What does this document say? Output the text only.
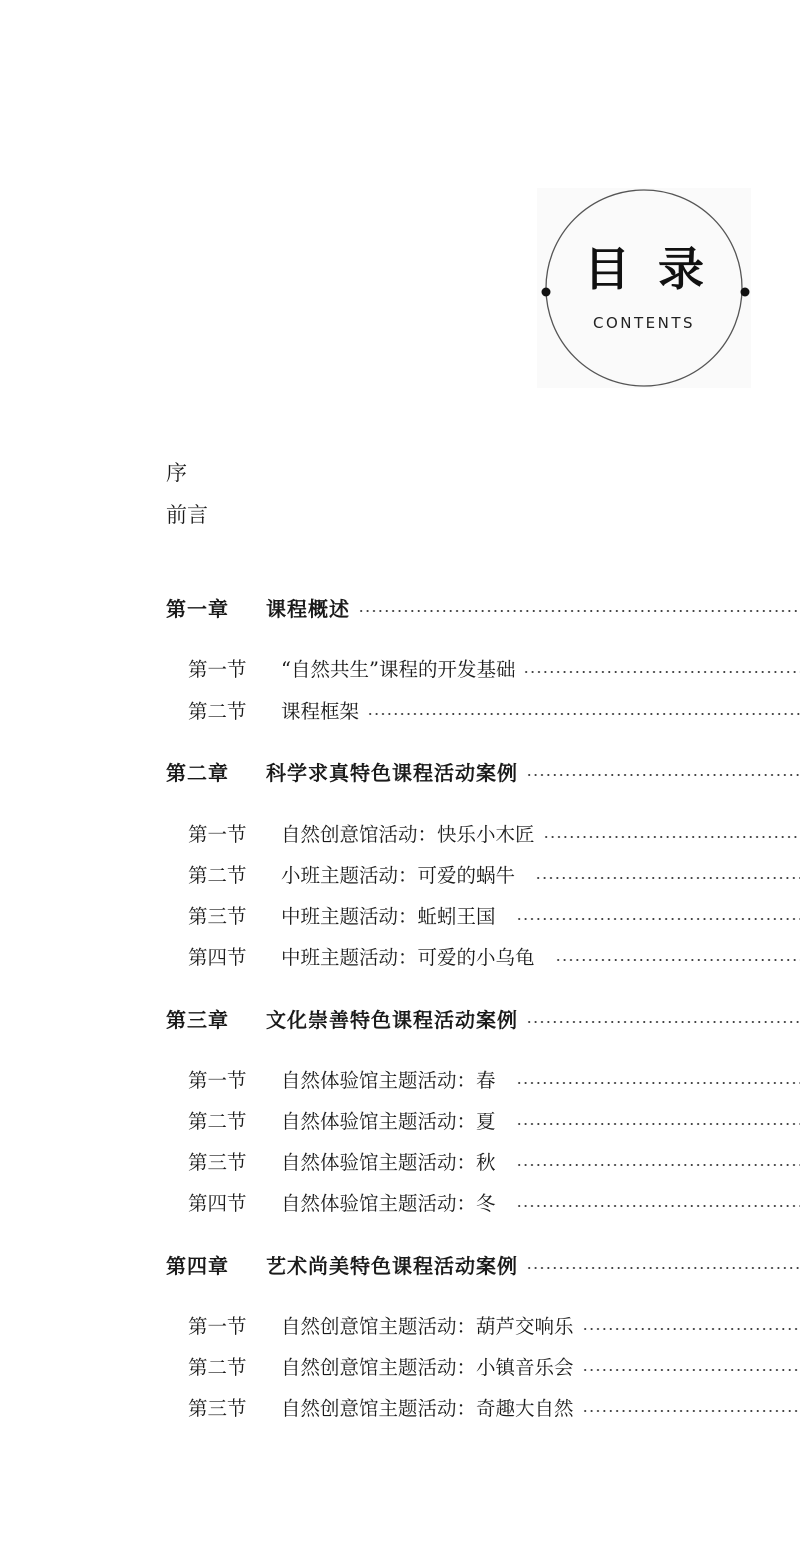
目录
CONTENTS
序
前言
第一章	课程概述
第一节	“自然共生”课程的开发基础
第二节	课程框架
第二章	科学求真特色课程活动案例
第一节	自然创意馆活动：快乐小木匠
第二节	小班主题活动：可爱的蜗牛
第三节	中班主题活动：蚯蚓王国
第四节	中班主题活动：可爱的小乌龟
第三章	文化崇善特色课程活动案例
第一节	自然体验馆主题活动：春
第二节	自然体验馆主题活动：夏
第三节	自然体验馆主题活动：秋
第四节	自然体验馆主题活动：冬
第四章	艺术尚美特色课程活动案例
第一节	自然创意馆主题活动：葫芦交响乐
第二节	自然创意馆主题活动：小镇音乐会
第三节	自然创意馆主题活动：奇趣大自然
